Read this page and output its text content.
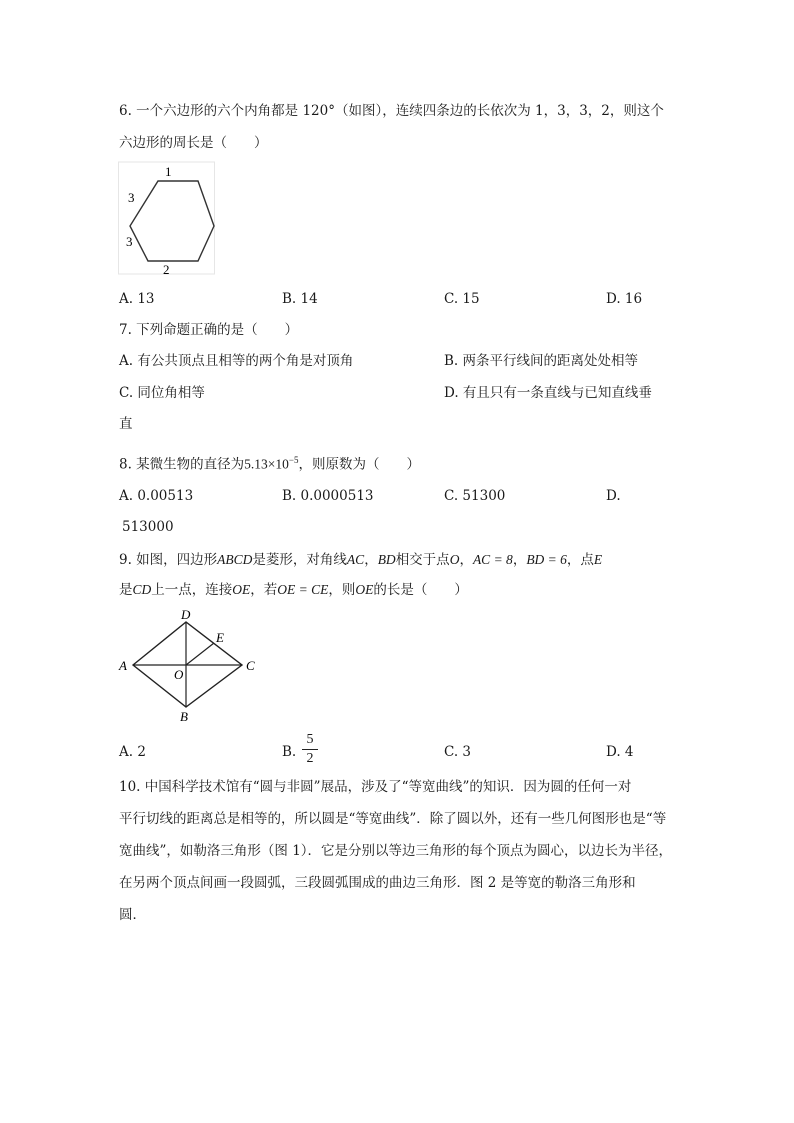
6. 一个六边形的六个内角都是 120°（如图），连续四条边的长依次为 1，3，3，2，则这个
六边形的周长是（　　）
1
3
3
2
A. 13	B. 14	C. 15	D. 16
7. 下列命题正确的是（　　）
A. 有公共顶点且相等的两个角是对顶角	B. 两条平行线间的距离处处相等
C. 同位角相等	D. 有且只有一条直线与已知直线垂
直
8. 某微生物的直径为$5.13\times 10^{-5}$，则原数为（　　）
A. 0.00513	B. 0.0000513	C. 51300	D.
513000
9. 如图，四边形ABCD是菱形，对角线AC，BD相交于点O，AC = 8，BD = 6，点E
是CD上一点，连接OE，若OE = CE，则OE的长是（　　）
D
E
A	C
O
B
A. 2	B.
5
2	C. 3	D. 4
10. 中国科学技术馆有“圆与非圆”展品，涉及了“等宽曲线”的知识．因为圆的任何一对
平行切线的距离总是相等的，所以圆是“等宽曲线”．除了圆以外，还有一些几何图形也是“等
宽曲线”，如勒洛三角形（图 1）．它是分别以等边三角形的每个顶点为圆心，以边长为半径，
在另两个顶点间画一段圆弧，三段圆弧围成的曲边三角形．图 2 是等宽的勒洛三角形和
圆．
